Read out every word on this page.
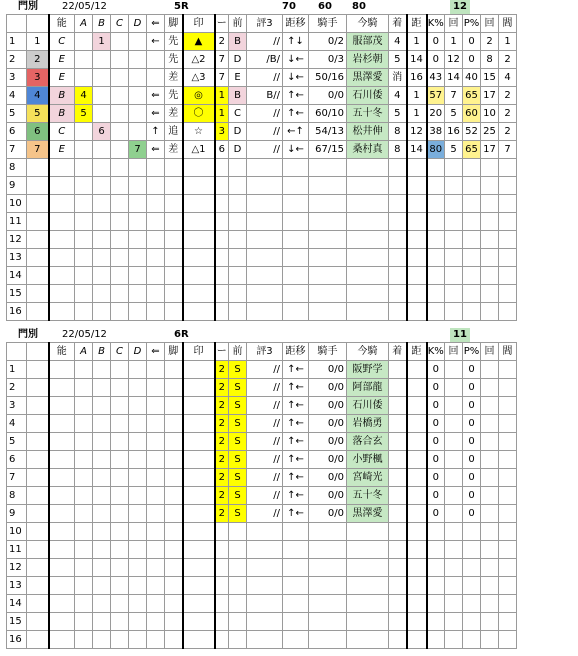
門別 22/05/12	5R	70 60 80	12
		能	A	B	C	D	⇐	脚	印	ー	前	評3	距移	騎手	今騎	着	距	K%	回	P%	回	閻
1	1	C		1			←	先	▲	2	B	//	↑↓	0/2	服部茂	4	1	0	1	0	2	1
2	2	E						先	△2	7	D	/B/	↓←	0/3	岩杉朝	5	14	0	12	0	8	2
3	3	E						差	△3	7	E	//	↓←	50/16	黒澤愛	消	16	43	14	40	15	4
4	4	B	4				⇐	先	◎	1	B	B//	↑←	0/0	石川倭	4	1	57	7	65	17	2
5	5	B	5				⇐	差	〇	1	C	//	↑←	60/10	五十冬	5	1	20	5	60	10	2
6	6	C		6			↑	追	☆	3	D	//	←↑	54/13	松井伸	8	12	38	16	52	25	2
7	7	E				7	⇐	差	△1	6	D	//	↓←	67/15	桑村真	8	14	80	5	65	17	7
8																						
9																						
10																						
11																						
12																						
13																						
14																						
15																						
16																						
門別 22/05/12	6R	11
		能	A	B	C	D	⇐	脚	印	ー	前	評3	距移	騎手	今騎	着	距	K%	回	P%	回	閻
1										2	S	//	↑←	0/0	阪野学			0		0		
2										2	S	//	↑←	0/0	阿部龍			0		0		
3										2	S	//	↑←	0/0	石川倭			0		0		
4										2	S	//	↑←	0/0	岩橋勇			0		0		
5										2	S	//	↑←	0/0	落合玄			0		0		
6										2	S	//	↑←	0/0	小野楓			0		0		
7										2	S	//	↑←	0/0	宮崎光			0		0		
8										2	S	//	↑←	0/0	五十冬			0		0		
9										2	S	//	↑←	0/0	黒澤愛			0		0		
10																						
11																						
12																						
13																						
14																						
15																						
16																						
